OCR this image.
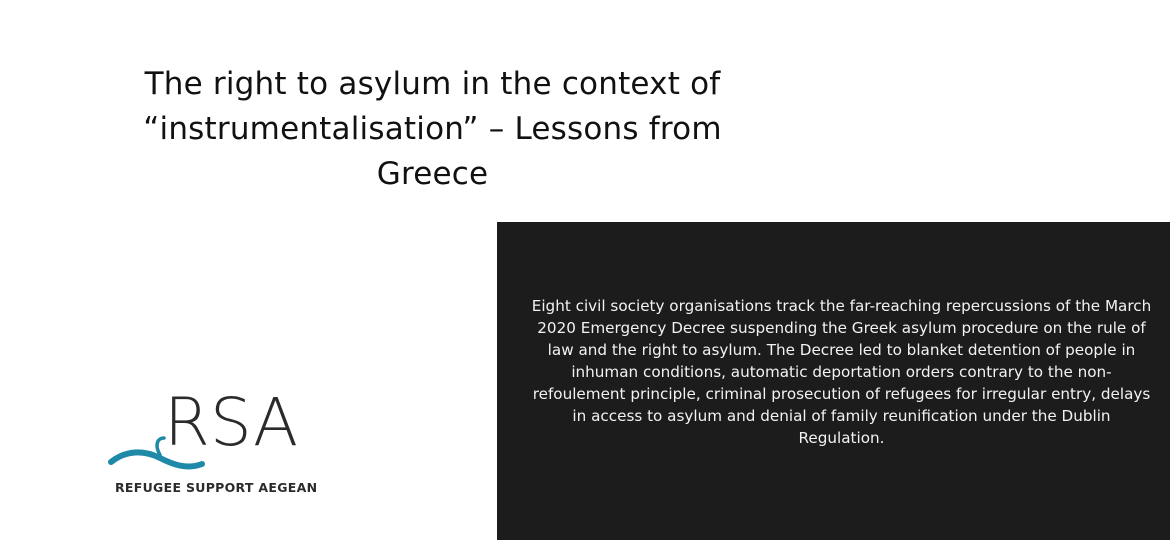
The right to asylum in the context of “instrumentalisation” – Lessons from Greece

Eight civil society organisations track the far-reaching repercussions of the March 2020 Emergency Decree suspending the Greek asylum procedure on the rule of law and the right to asylum. The Decree led to blanket detention of people in inhuman conditions, automatic deportation orders contrary to the non-refoulement principle, criminal prosecution of refugees for irregular entry, delays in access to asylum and denial of family reunification under the Dublin Regulation.

RSA
REFUGEE SUPPORT AEGEAN
